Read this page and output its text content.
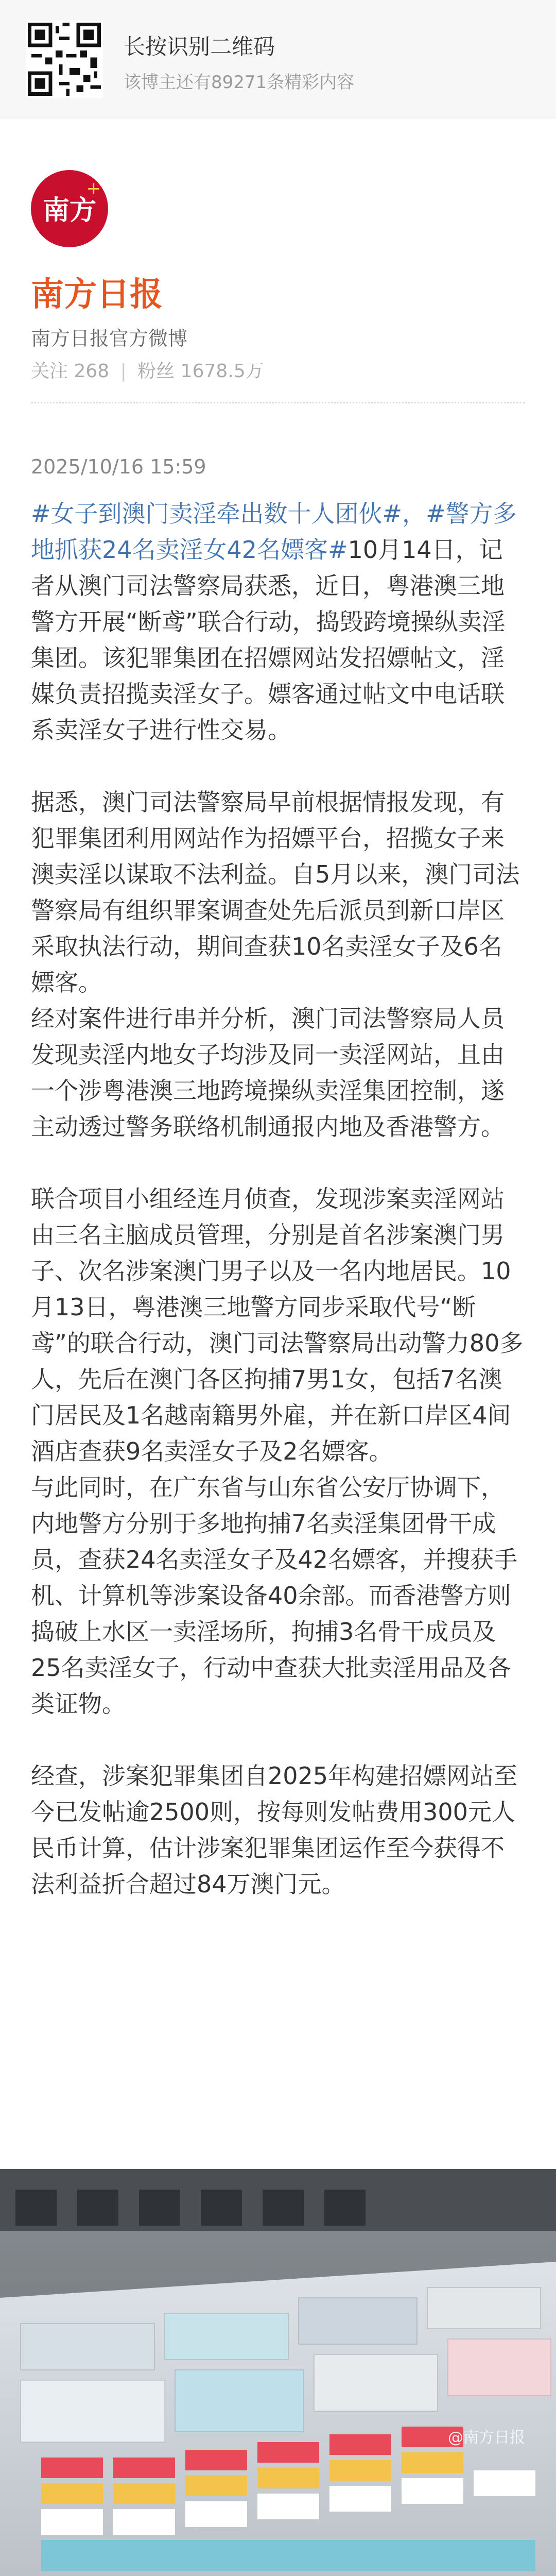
长按识别二维码
该博主还有89271条精彩内容
南方
+
南方日报
南方日报官方微博
关注 268 | 粉丝 1678.5万
2025/10/16 15:59

#女子到澳门卖淫牵出数十人团伙#，#警方多地抓获24名卖淫女42名嫖客#10月14日，记者从澳门司法警察局获悉，近日，粤港澳三地警方开展“断鸢”联合行动，捣毁跨境操纵卖淫集团。该犯罪集团在招嫖网站发招嫖帖文，淫媒负责招揽卖淫女子。嫖客通过帖文中电话联系卖淫女子进行性交易。

据悉，澳门司法警察局早前根据情报发现，有犯罪集团利用网站作为招嫖平台，招揽女子来澳卖淫以谋取不法利益。自5月以来，澳门司法警察局有组织罪案调查处先后派员到新口岸区采取执法行动，期间查获10名卖淫女子及6名嫖客。

经对案件进行串并分析，澳门司法警察局人员发现卖淫内地女子均涉及同一卖淫网站，且由一个涉粤港澳三地跨境操纵卖淫集团控制，遂主动透过警务联络机制通报内地及香港警方。

联合项目小组经连月侦查，发现涉案卖淫网站由三名主脑成员管理，分别是首名涉案澳门男子、次名涉案澳门男子以及一名内地居民。10月13日，粤港澳三地警方同步采取代号“断鸢”的联合行动，澳门司法警察局出动警力80多人，先后在澳门各区拘捕7男1女，包括7名澳门居民及1名越南籍男外雇，并在新口岸区4间酒店查获9名卖淫女子及2名嫖客。

与此同时，在广东省与山东省公安厅协调下，内地警方分别于多地拘捕7名卖淫集团骨干成员，查获24名卖淫女子及42名嫖客，并搜获手机、计算机等涉案设备40余部。而香港警方则捣破上水区一卖淫场所，拘捕3名骨干成员及25名卖淫女子，行动中查获大批卖淫用品及各类证物。

经查，涉案犯罪集团自2025年构建招嫖网站至今已发帖逾2500则，按每则发帖费用300元人民币计算，估计涉案犯罪集团运作至今获得不法利益折合超过84万澳门元。

@南方日报
